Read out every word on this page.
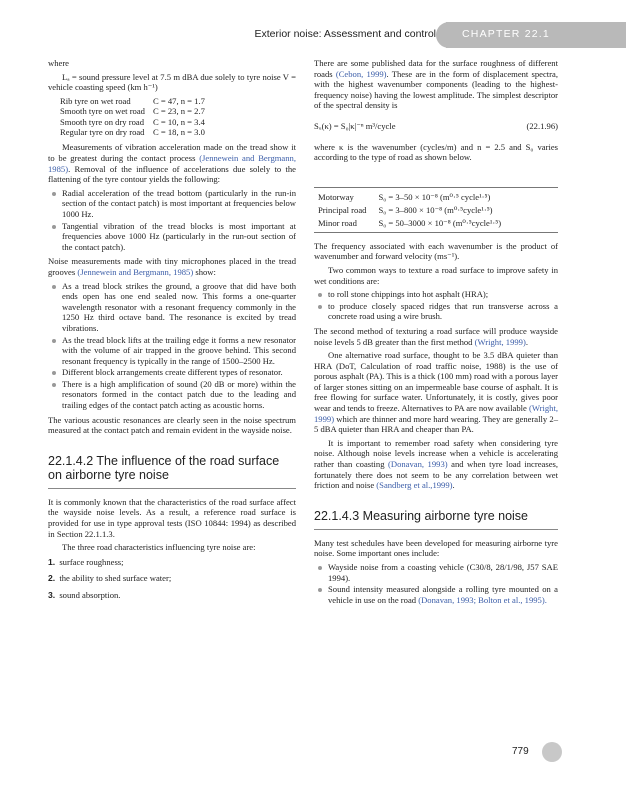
Exterior noise: Assessment and control CHAPTER 22.1

where

Lₐ = sound pressure level at 7.5 m dBA due solely to tyre noise V = vehicle coasting speed (km h⁻¹)

Rib tyre on wet road	C = 47, n = 1.7
Smooth tyre on wet road	C = 23, n = 2.7
Smooth tyre on dry road	C = 10, n = 3.4
Regular tyre on dry road	C = 18, n = 3.0

Measurements of vibration acceleration made on the tread show it to be greatest during the contact process (Jennewein and Bergmann, 1985). Removal of the influence of accelerations due solely to the flattening of the tyre contour yields the following:

Radial acceleration of the tread bottom (particularly in the run-in section of the contact patch) is most important at frequencies below 1000 Hz.
Tangential vibration of the tread blocks is most important at frequencies above 1000 Hz (particularly in the run-out section of the contact patch).

Noise measurements made with tiny microphones placed in the tread grooves (Jennewein and Bergmann, 1985) show:

As a tread block strikes the ground, a groove that did have both ends open has one end sealed now. This forms a one-quarter wavelength resonator with a resonant frequency commonly in the 1250 Hz third octave band. The resonance is excited by tread vibrations.
As the tread block lifts at the trailing edge it forms a new resonator with the volume of air trapped in the groove behind. This second resonant frequency is typically in the range of 1500–2500 Hz.
Different block arrangements create different types of resonator.
There is a high amplification of sound (20 dB or more) within the resonators formed in the contact patch due to the leading and trailing edges of the contact patch acting as acoustic horns.

The various acoustic resonances are clearly seen in the noise spectrum measured at the contact patch and remain evident in the wayside noise.

22.1.4.2 The influence of the road surface on airborne tyre noise

It is commonly known that the characteristics of the road surface affect the wayside noise levels. As a result, a reference road surface is provided for use in type approval tests (ISO 10844: 1994) as described in Section 22.1.1.3.

The three road characteristics influencing tyre noise are:

1. surface roughness;
2. the ability to shed surface water;
3. sound absorption.

There are some published data for the surface roughness of different roads (Cebon, 1999). These are in the form of displacement spectra, with the highest wavenumber components (leading to the highest-frequency noise) having the lowest amplitude. The simplest descriptor of the spectral density is

Sᵤ(κ) = S₀|κ|⁻ⁿ m³/cycle	(22.1.96)

where κ is the wavenumber (cycles/m) and n = 2.5 and S₀ varies according to the type of road as shown below.

Motorway	S₀ = 3–50 × 10⁻⁸ (m⁰·⁵ cycle¹·⁵)
Principal road	S₀ = 3–800 × 10⁻⁸ (m⁰·⁵cycle¹·⁵)
Minor road	S₀ = 50–3000 × 10⁻⁸ (m⁰·⁵cycle¹·⁵)

The frequency associated with each wavenumber is the product of wavenumber and forward velocity (ms⁻¹).

Two common ways to texture a road surface to improve safety in wet conditions are:

to roll stone chippings into hot asphalt (HRA);
to produce closely spaced ridges that run transverse across a concrete road using a wire brush.

The second method of texturing a road surface will produce wayside noise levels 5 dB greater than the first method (Wright, 1999).

One alternative road surface, thought to be 3.5 dBA quieter than HRA (DoT, Calculation of road traffic noise, 1988) is the use of porous asphalt (PA). This is a thick (100 mm) road with a porous layer of larger stones sitting on an impermeable base course of asphalt. It is free flowing for surface water. Unfortunately, it is costly, gives poor wear and tends to freeze. Alternatives to PA are now available (Wright, 1999) which are thinner and more hard wearing. They are generally 2–5 dBA quieter than HRA and cheaper than PA.

It is important to remember road safety when considering tyre noise. Although noise levels increase when a vehicle is accelerating rather than coasting (Donavan, 1993) and when tyre load increases, fortunately there does not seem to be any correlation between wet friction and noise (Sandberg et al.,1999).

22.1.4.3 Measuring airborne tyre noise

Many test schedules have been developed for measuring airborne tyre noise. Some important ones include:

Wayside noise from a coasting vehicle (C30/8, 28/1/98, J57 SAE 1994).
Sound intensity measured alongside a rolling tyre mounted on a vehicle in use on the road (Donavan, 1993; Bolton et al., 1995).
779
